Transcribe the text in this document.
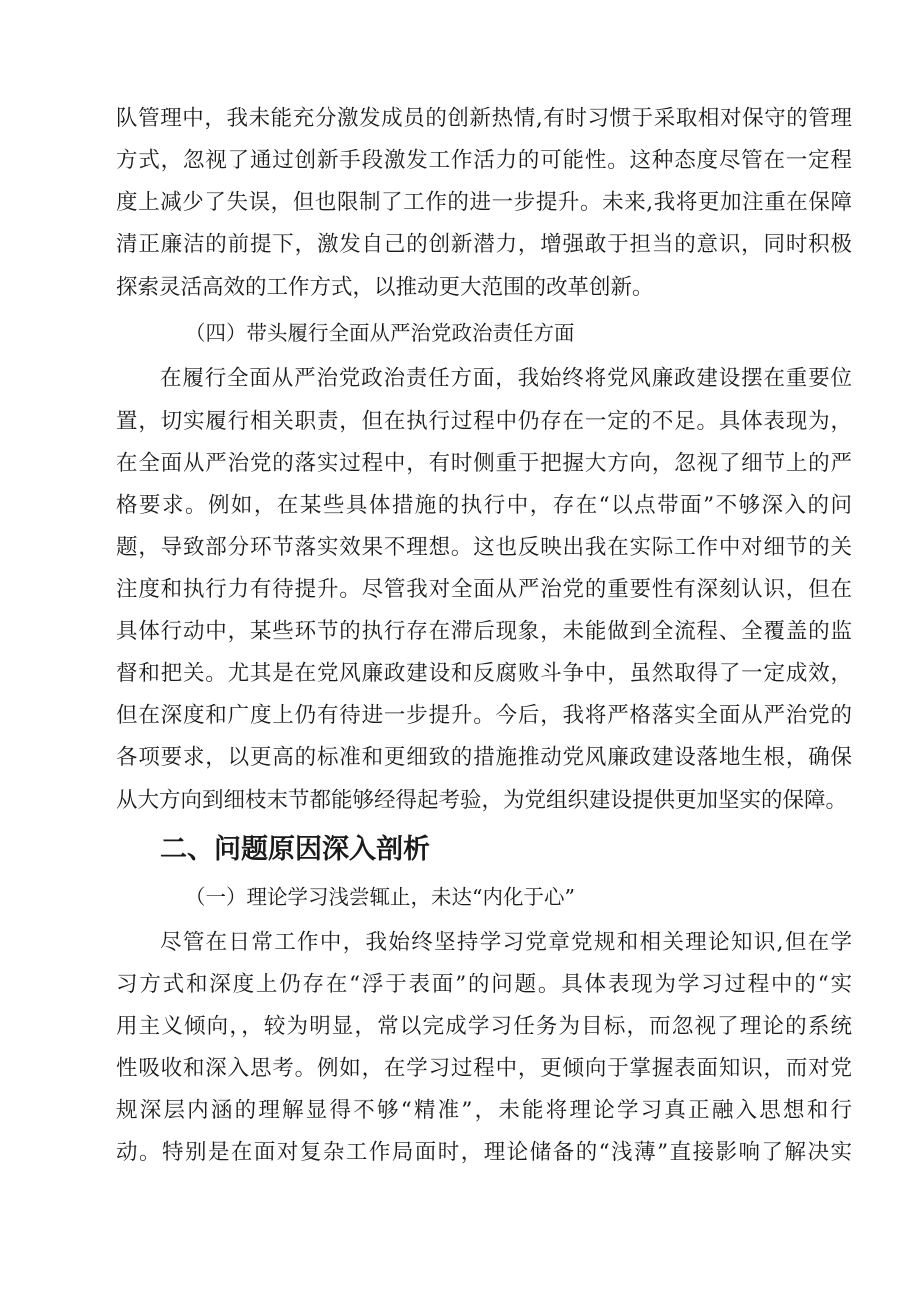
队管理中，我未能充分激发成员的创新热情,有时习惯于采取相对保守的管理
方式，忽视了通过创新手段激发工作活力的可能性。这种态度尽管在一定程
度上减少了失误，但也限制了工作的进一步提升。未来,我将更加注重在保障
清正廉洁的前提下，激发自己的创新潜力，增强敢于担当的意识，同时积极
探索灵活高效的工作方式，以推动更大范围的改革创新。
（四）带头履行全面从严治党政治责任方面
在履行全面从严治党政治责任方面，我始终将党风廉政建设摆在重要位
置，切实履行相关职责，但在执行过程中仍存在一定的不足。具体表现为，
在全面从严治党的落实过程中，有时侧重于把握大方向，忽视了细节上的严
格要求。例如，在某些具体措施的执行中，存在“以点带面”不够深入的问
题，导致部分环节落实效果不理想。这也反映出我在实际工作中对细节的关
注度和执行力有待提升。尽管我对全面从严治党的重要性有深刻认识，但在
具体行动中，某些环节的执行存在滞后现象，未能做到全流程、全覆盖的监
督和把关。尤其是在党风廉政建设和反腐败斗争中，虽然取得了一定成效，
但在深度和广度上仍有待进一步提升。今后，我将严格落实全面从严治党的
各项要求，以更高的标准和更细致的措施推动党风廉政建设落地生根，确保
从大方向到细枝末节都能够经得起考验，为党组织建设提供更加坚实的保障。
二、问题原因深入剖析
（一）理论学习浅尝辄止，未达“内化于心”
尽管在日常工作中，我始终坚持学习党章党规和相关理论知识,但在学
习方式和深度上仍存在“浮于表面”的问题。具体表现为学习过程中的“实
用主义倾向，，较为明显，常以完成学习任务为目标，而忽视了理论的系统
性吸收和深入思考。例如，在学习过程中，更倾向于掌握表面知识，而对党
规深层内涵的理解显得不够“精准”，未能将理论学习真正融入思想和行
动。特别是在面对复杂工作局面时，理论储备的“浅薄”直接影响了解决实
